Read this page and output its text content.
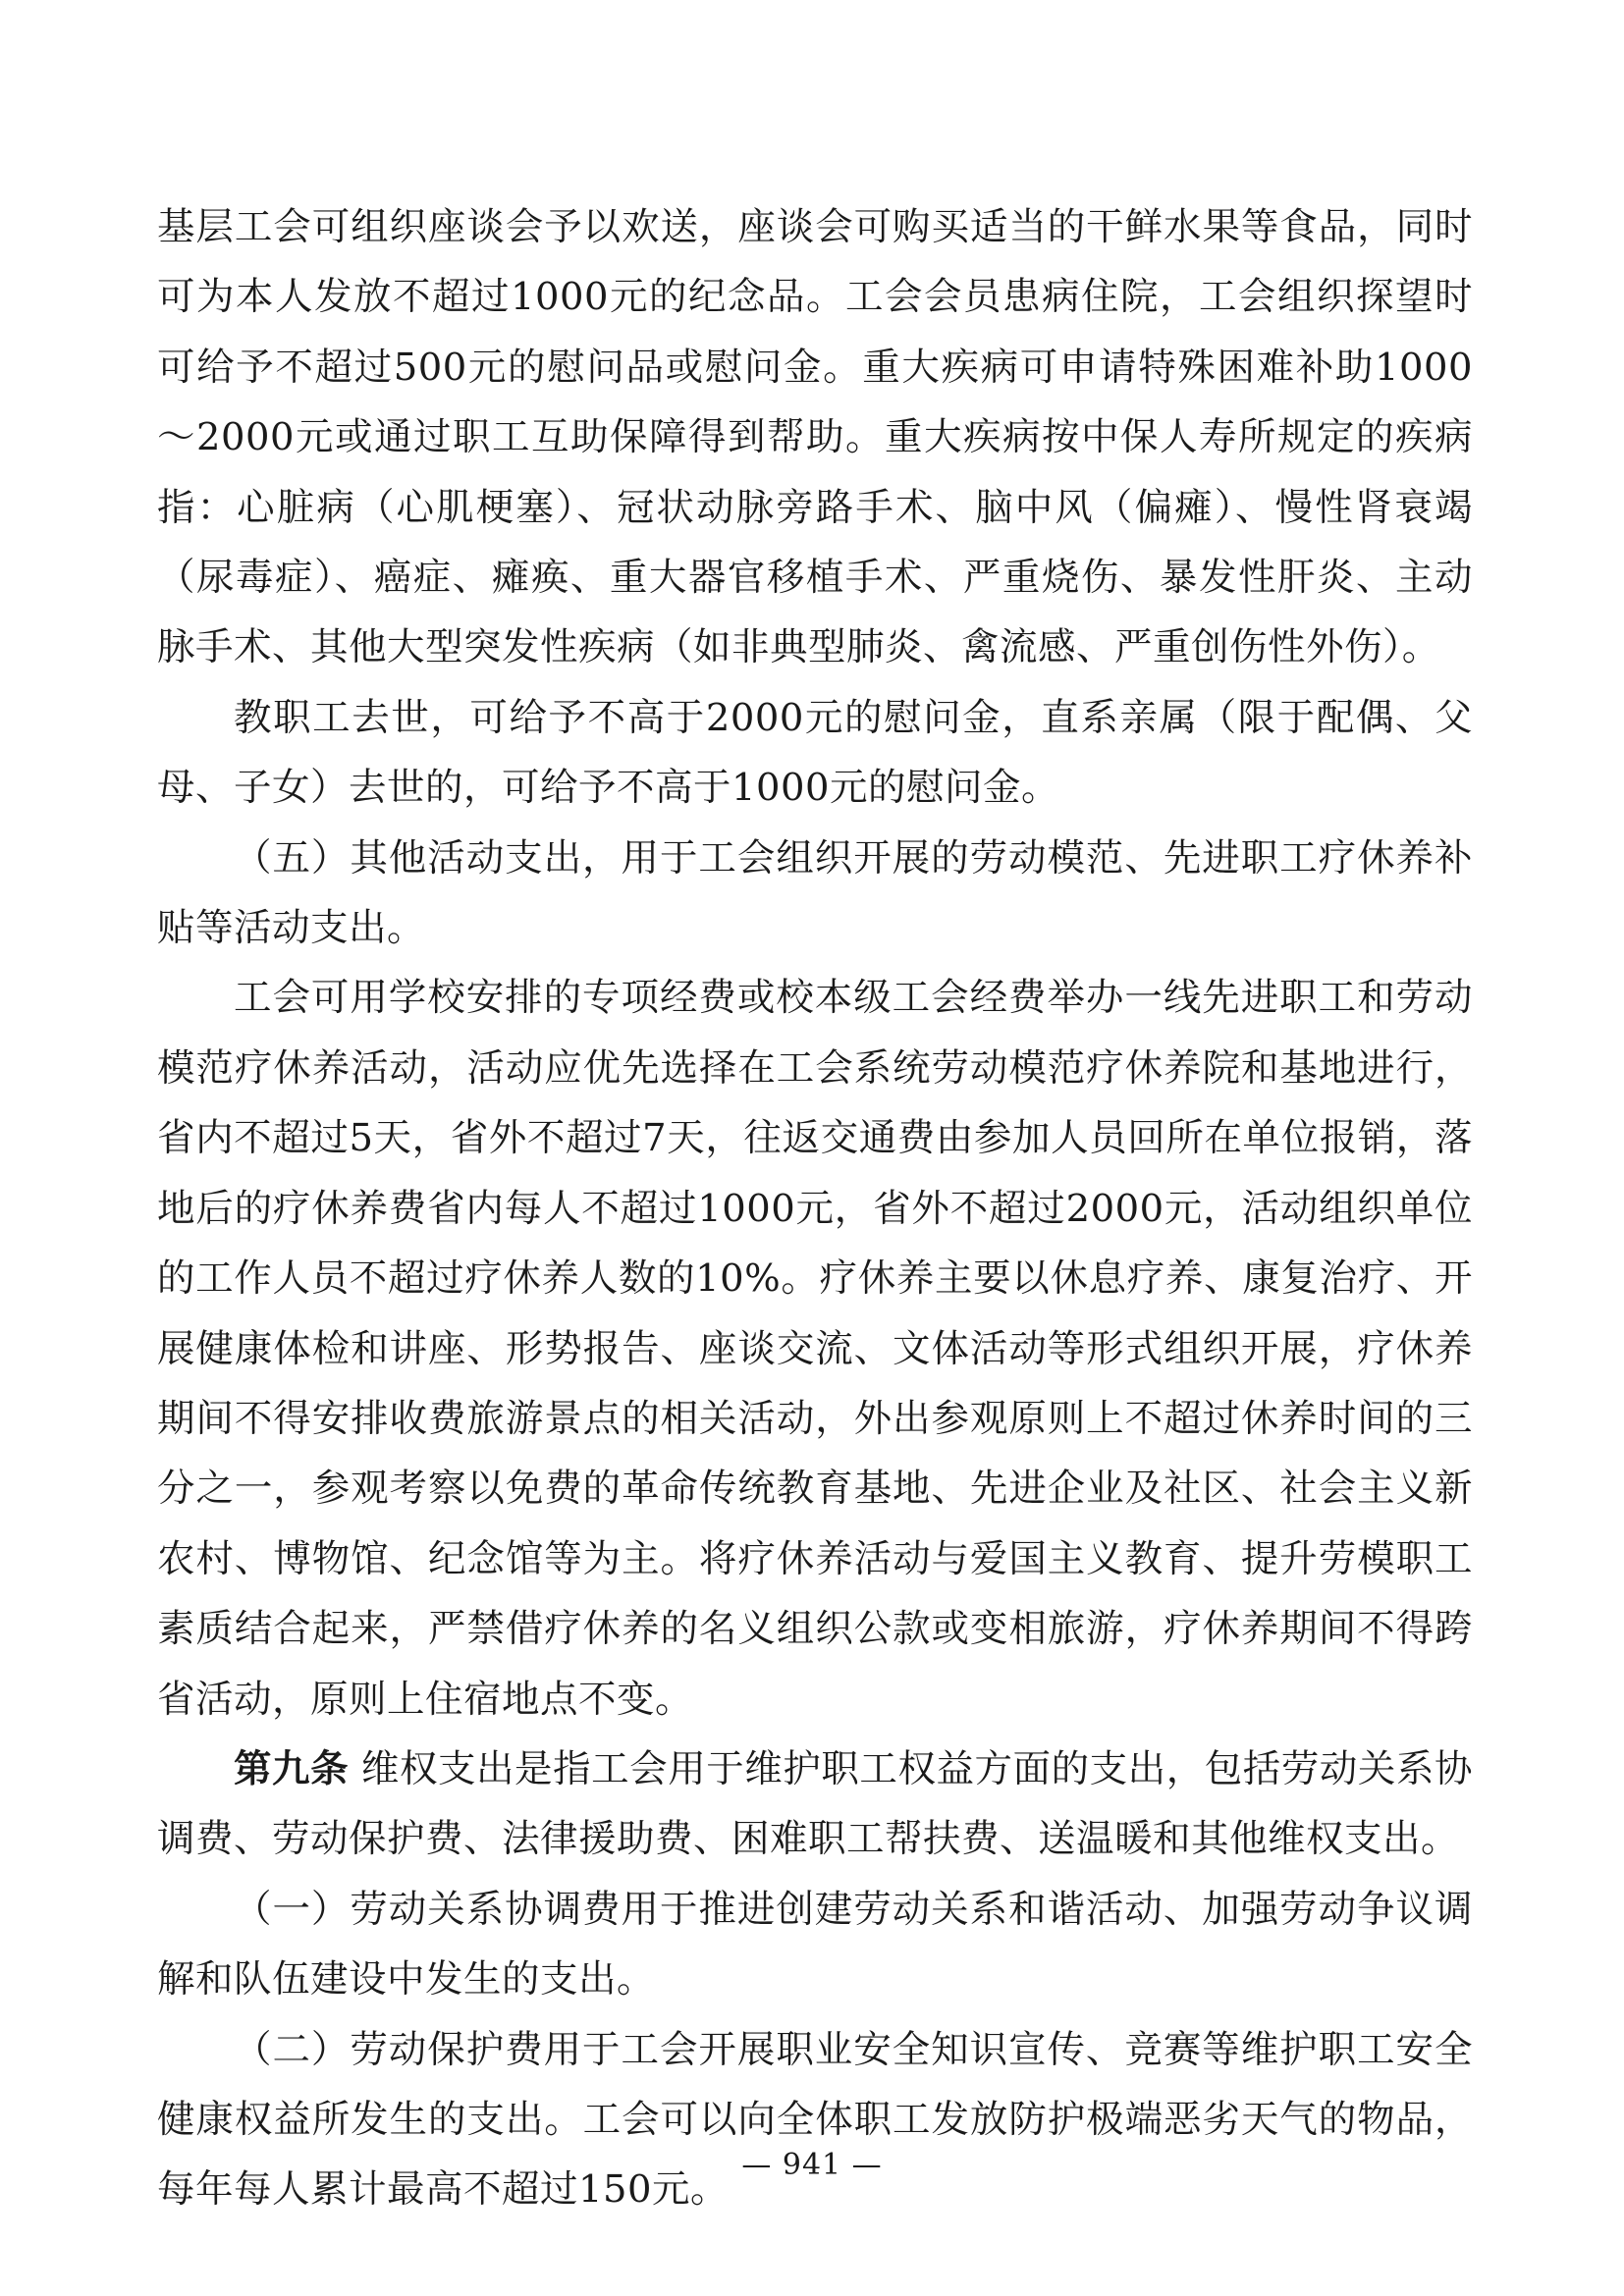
基层工会可组织座谈会予以欢送，座谈会可购买适当的干鲜水果等食品，同时可为本人发放不超过1000元的纪念品。工会会员患病住院，工会组织探望时可给予不超过500元的慰问品或慰问金。重大疾病可申请特殊困难补助1000～2000元或通过职工互助保障得到帮助。重大疾病按中保人寿所规定的疾病指：心脏病（心肌梗塞）、冠状动脉旁路手术、脑中风（偏瘫）、慢性肾衰竭（尿毒症）、癌症、瘫痪、重大器官移植手术、严重烧伤、暴发性肝炎、主动脉手术、其他大型突发性疾病（如非典型肺炎、禽流感、严重创伤性外伤）。

教职工去世，可给予不高于2000元的慰问金，直系亲属（限于配偶、父母、子女）去世的，可给予不高于1000元的慰问金。

（五）其他活动支出，用于工会组织开展的劳动模范、先进职工疗休养补贴等活动支出。

工会可用学校安排的专项经费或校本级工会经费举办一线先进职工和劳动模范疗休养活动，活动应优先选择在工会系统劳动模范疗休养院和基地进行，省内不超过5天，省外不超过7天，往返交通费由参加人员回所在单位报销，落地后的疗休养费省内每人不超过1000元，省外不超过2000元，活动组织单位的工作人员不超过疗休养人数的10%。疗休养主要以休息疗养、康复治疗、开展健康体检和讲座、形势报告、座谈交流、文体活动等形式组织开展，疗休养期间不得安排收费旅游景点的相关活动，外出参观原则上不超过休养时间的三分之一，参观考察以免费的革命传统教育基地、先进企业及社区、社会主义新农村、博物馆、纪念馆等为主。将疗休养活动与爱国主义教育、提升劳模职工素质结合起来，严禁借疗休养的名义组织公款或变相旅游，疗休养期间不得跨省活动，原则上住宿地点不变。

第九条 维权支出是指工会用于维护职工权益方面的支出，包括劳动关系协调费、劳动保护费、法律援助费、困难职工帮扶费、送温暖和其他维权支出。

（一）劳动关系协调费用于推进创建劳动关系和谐活动、加强劳动争议调解和队伍建设中发生的支出。

（二）劳动保护费用于工会开展职业安全知识宣传、竞赛等维护职工安全健康权益所发生的支出。工会可以向全体职工发放防护极端恶劣天气的物品，每年每人累计最高不超过150元。

— 941 —
